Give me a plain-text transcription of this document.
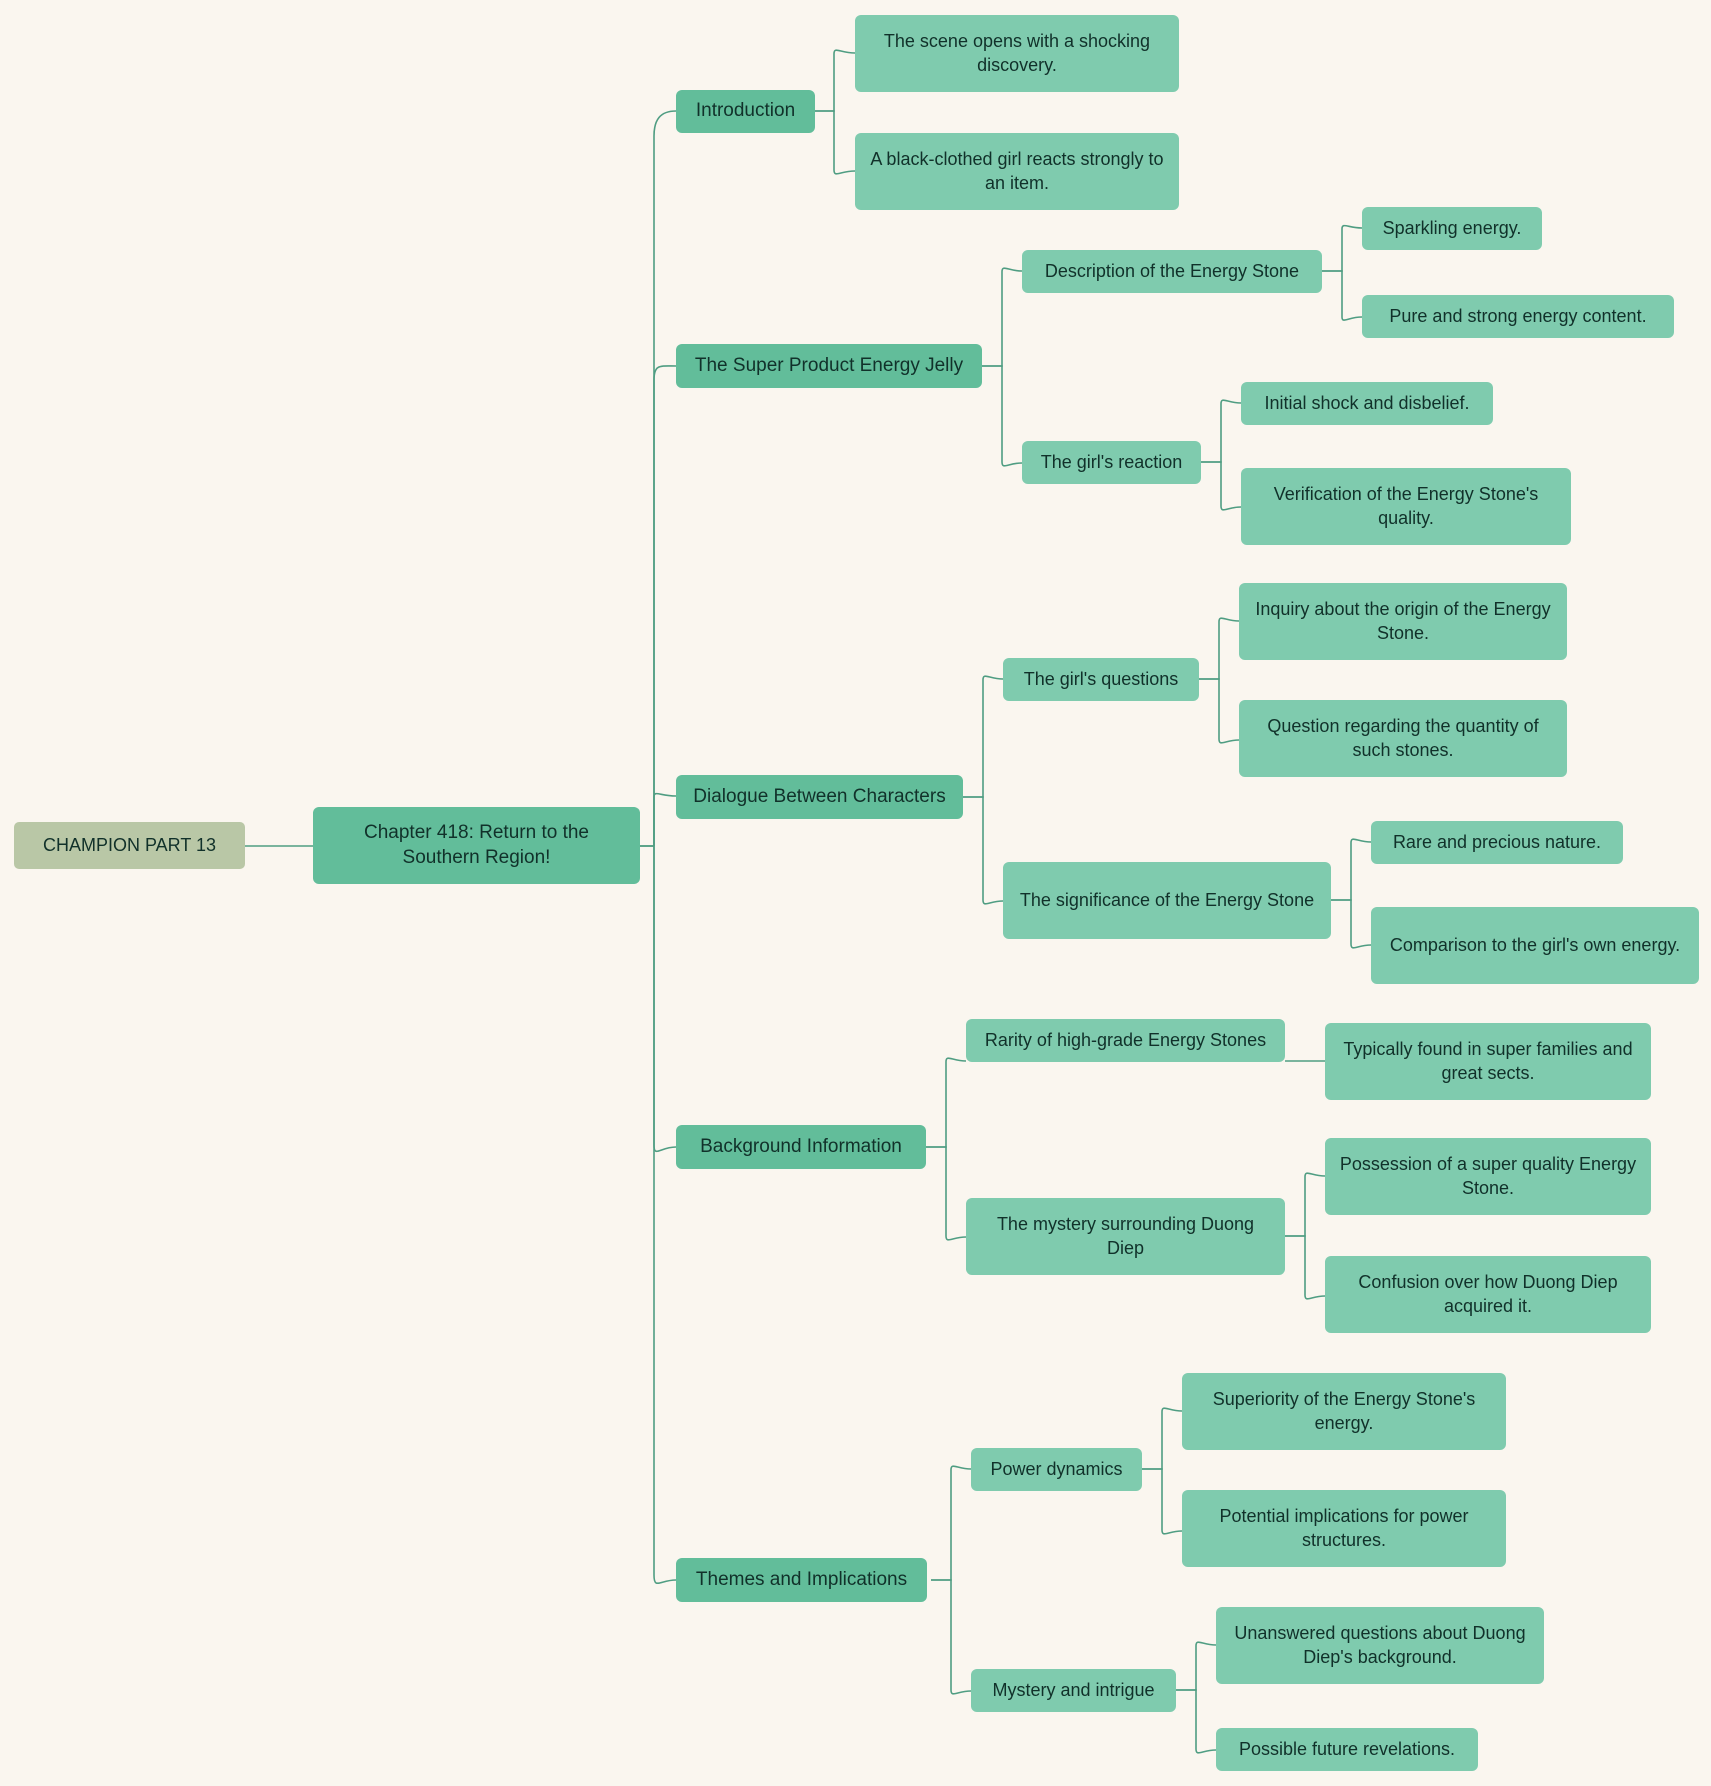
CHAMPION PART 13
Chapter 418: Return to the Southern Region!
Introduction
The scene opens with a shocking discovery.
A black-clothed girl reacts strongly to an item.
The Super Product Energy Jelly
Description of the Energy Stone
Sparkling energy.
Pure and strong energy content.
The girl's reaction
Initial shock and disbelief.
Verification of the Energy Stone's quality.
Dialogue Between Characters
The girl's questions
Inquiry about the origin of the Energy Stone.
Question regarding the quantity of such stones.
The significance of the Energy Stone
Rare and precious nature.
Comparison to the girl's own energy.
Background Information
Rarity of high-grade Energy Stones	Typically found in super families and great sects.
The mystery surrounding Duong Diep
Possession of a super quality Energy Stone.
Confusion over how Duong Diep acquired it.
Themes and Implications
Power dynamics
Superiority of the Energy Stone's energy.
Potential implications for power structures.
Mystery and intrigue
Unanswered questions about Duong Diep's background.
Possible future revelations.
